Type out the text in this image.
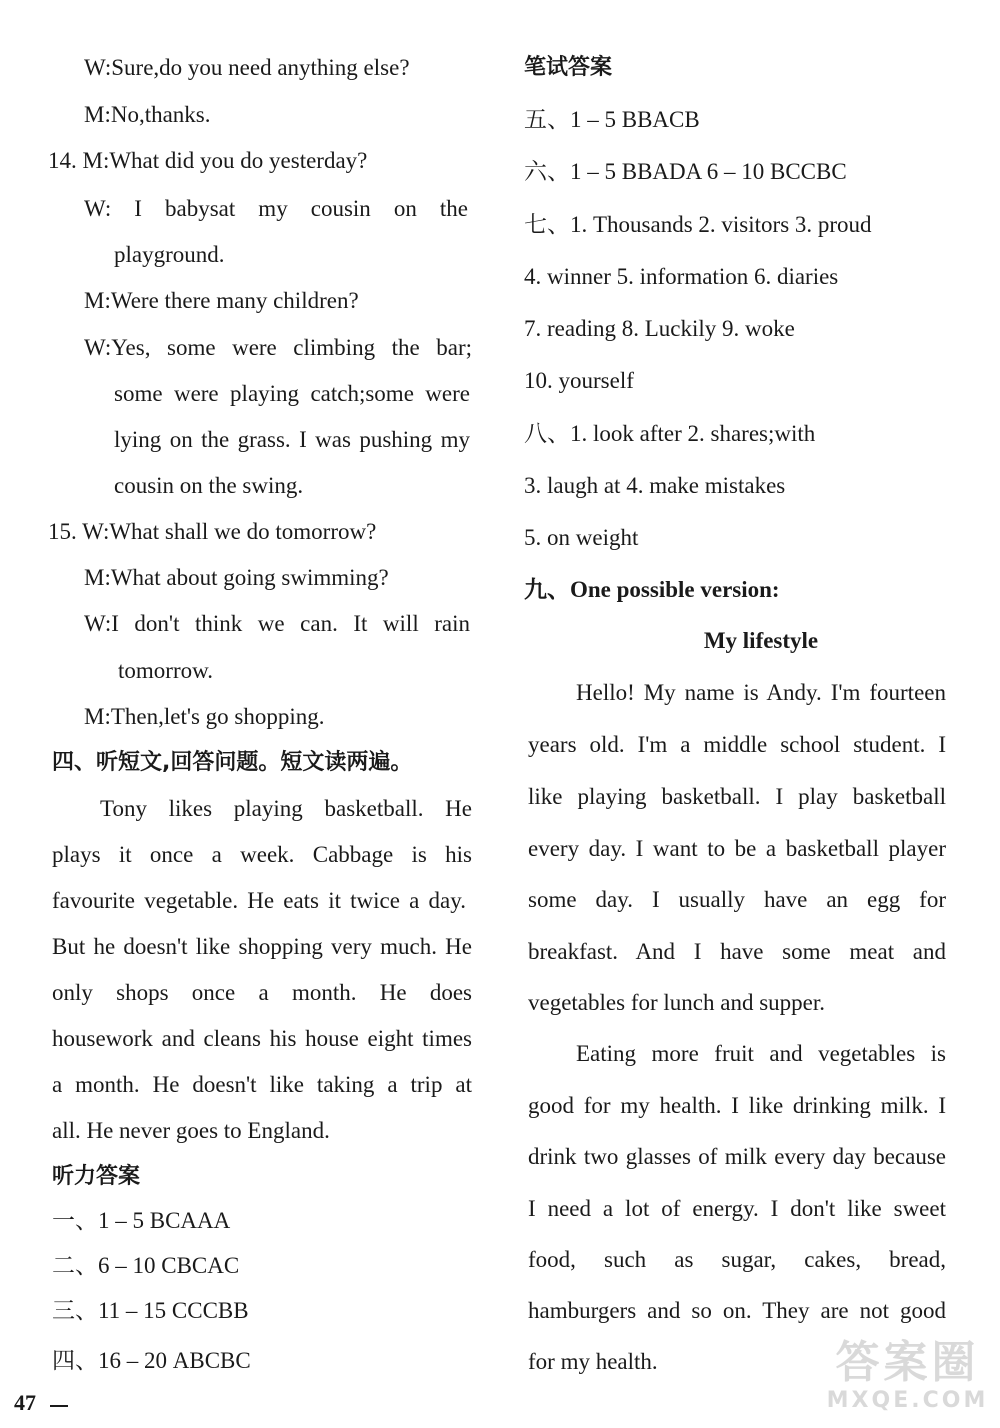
W:Sure,do you need anything else?
M:No,thanks.
14. M:What did you do yesterday?
W: I babysat my cousin on the
playground.
M:Were there many children?
W:Yes, some were climbing the bar;
some were playing catch;some were
lying on the grass. I was pushing my
cousin on the swing.
15. W:What shall we do tomorrow?
M:What about going swimming?
W:I don't think we can. It will rain
tomorrow.
M:Then,let's go shopping.
四、听短文,回答问题。短文读两遍。
Tony likes playing basketball. He
plays it once a week. Cabbage is his
favourite vegetable. He eats it twice a day.
But he doesn't like shopping very much. He
only shops once a month. He does
housework and cleans his house eight times
a month. He doesn't like taking a trip at
all. He never goes to England.
听力答案
一、1 – 5 BCAAA
二、6 – 10 CBCAC
三、11 – 15 CCCBB
四、16 – 20 ABCBC
笔试答案
五、1 – 5 BBACB
六、1 – 5 BBADA 6 – 10 BCCBC
七、1. Thousands 2. visitors 3. proud
4. winner 5. information 6. diaries
7. reading 8. Luckily 9. woke
10. yourself
八、1. look after 2. shares;with
3. laugh at 4. make mistakes
5. on weight
九、One possible version:
My lifestyle
Hello! My name is Andy. I'm fourteen
years old. I'm a middle school student. I
like playing basketball. I play basketball
every day. I want to be a basketball player
some day. I usually have an egg for
breakfast. And I have some meat and
vegetables for lunch and supper.
Eating more fruit and vegetables is
good for my health. I like drinking milk. I
drink two glasses of milk every day because
I need a lot of energy. I don't like sweet
food, such as sugar, cakes, bread,
hamburgers and so on. They are not good
for my health.
47
答案圈
MXQE.COM
